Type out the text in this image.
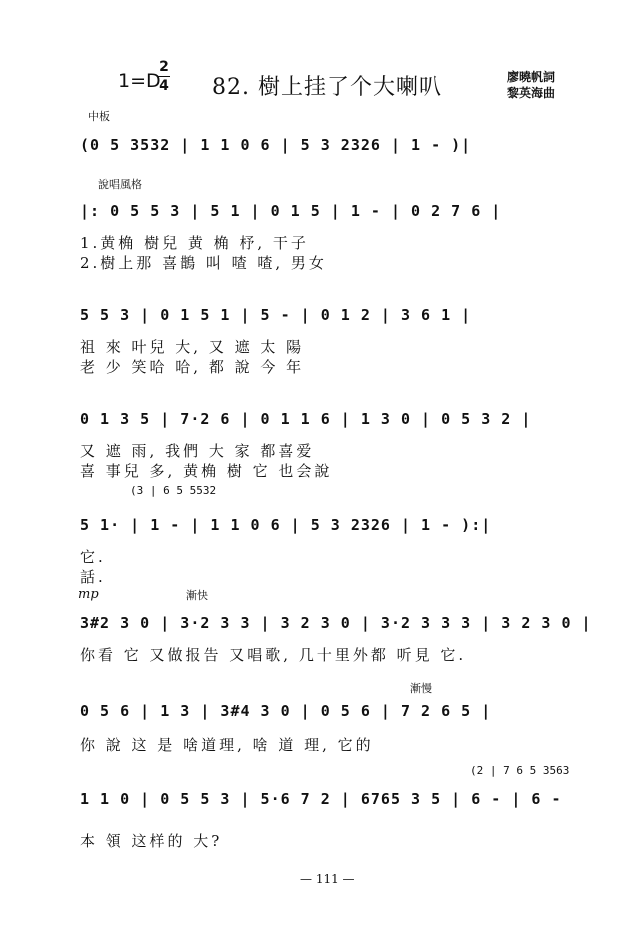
1=D
2
4 82. 樹上挂了个大喇叭	廖曉帆詞
黎英海曲
中板
說唱風格
mp	漸快
漸慢
(0 5 3532 | 1 1 0 6 | 5 3 2326 | 1 - )|
|: 0 5 5 3 | 5 1 | 0 1 5 | 1 - | 0 2 7 6 |
1.黄桷 樹兒 黄 桷 杼, 干子
2.樹上那 喜鵲 叫 喳 喳, 男女
5 5 3 | 0 1 5 1 | 5 - | 0 1 2 | 3 6 1 |
祖 來 叶兒 大, 又 遮 太 陽
老 少 笑哈 哈, 都 說 今 年
0 1 3 5 | 7·2 6 | 0 1 1 6 | 1 3 0 | 0 5 3 2 |
又 遮 雨, 我們 大 家 都喜爱
喜 事兒 多, 黄桷 樹 它 也会說
(3 | 6 5 5532
5 1· | 1 - | 1 1 0 6 | 5 3 2326 | 1 - ):|
它.
話.
3#2 3 0 | 3·2 3 3 | 3 2 3 0 | 3·2 3 3 3 | 3 2 3 0 |
你看 它 又做报告 又唱歌, 几十里外都 听見 它.
0 5 6 | 1 3 | 3#4 3 0 | 0 5 6 | 7 2 6 5 |
你 說 这 是 啥道理, 啥 道 理, 它的
(2 | 7 6 5 3563
1 1 0 | 0 5 5 3 | 5·6 7 2 | 6765 3 5 | 6 - | 6 -
本 領 这样的 大?
— 111 —
